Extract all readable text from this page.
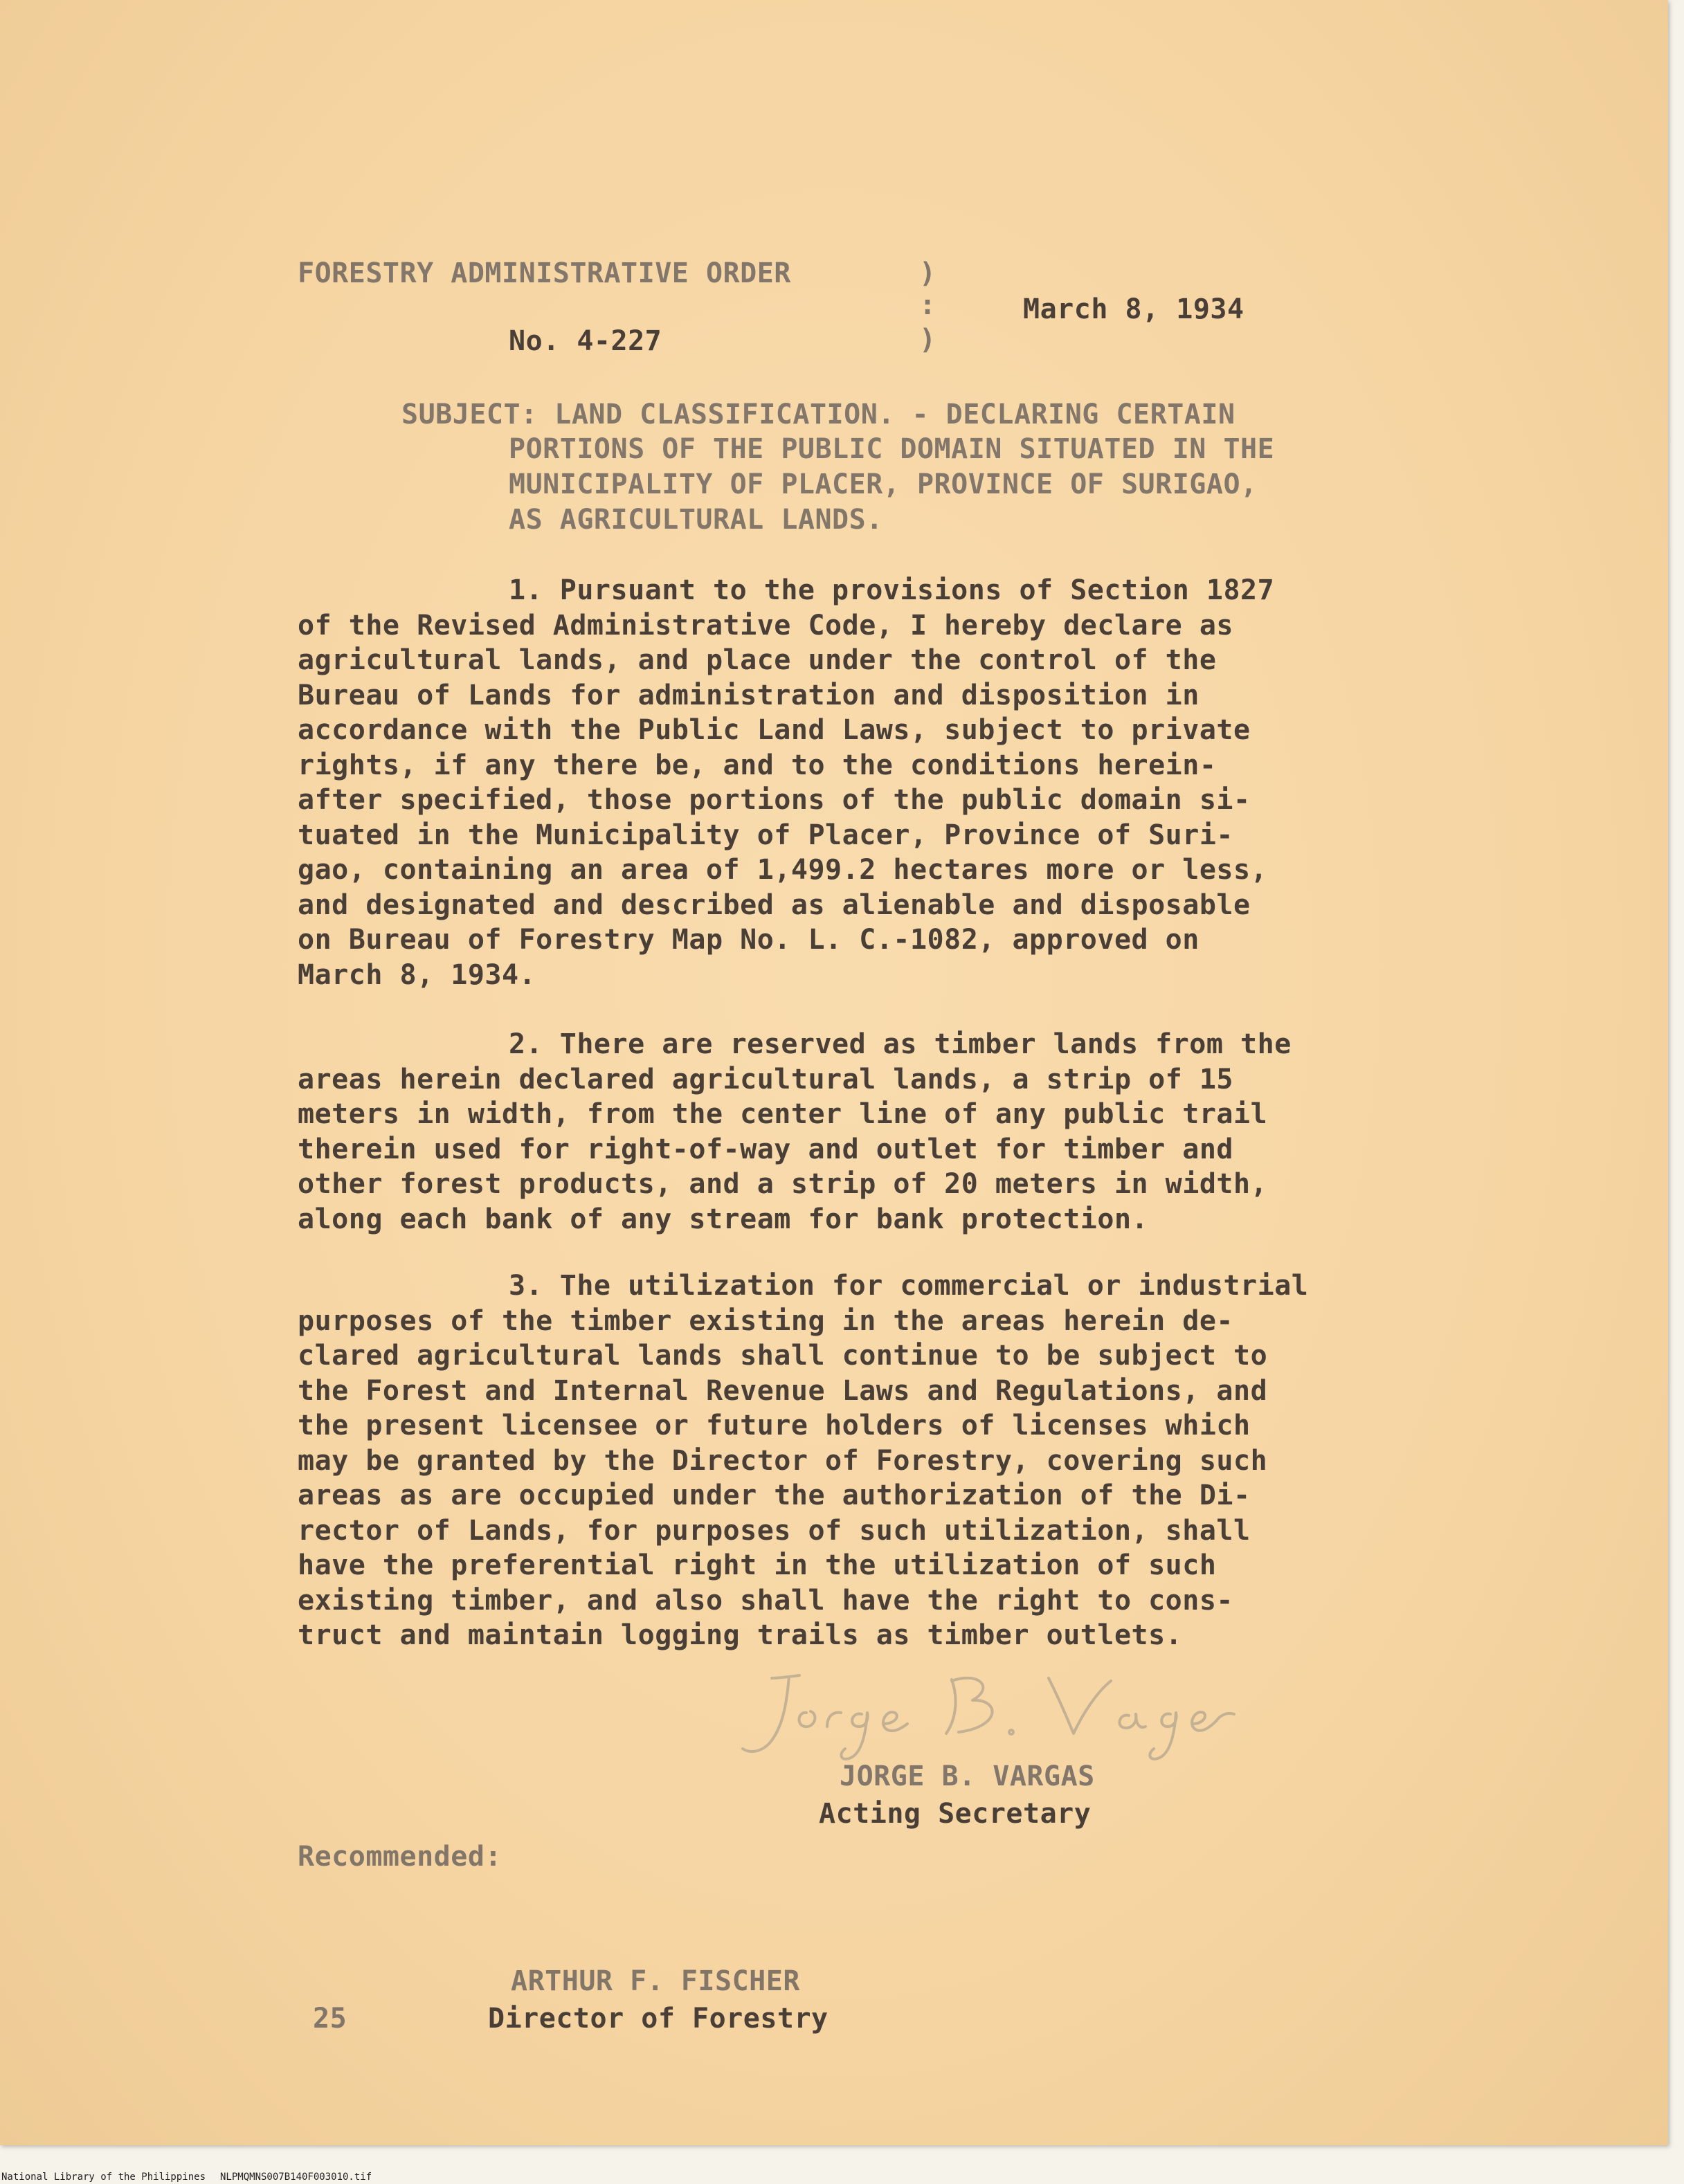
FORESTRY ADMINISTRATIVE ORDER	)
:
)
March 8, 1934
No. 4-227
SUBJECT: LAND CLASSIFICATION. - DECLARING CERTAIN
PORTIONS OF THE PUBLIC DOMAIN SITUATED IN THE
MUNICIPALITY OF PLACER, PROVINCE OF SURIGAO,
AS AGRICULTURAL LANDS.
1. Pursuant to the provisions of Section 1827
of the Revised Administrative Code, I hereby declare as
agricultural lands, and place under the control of the
Bureau of Lands for administration and disposition in
accordance with the Public Land Laws, subject to private
rights, if any there be, and to the conditions herein-
after specified, those portions of the public domain si-
tuated in the Municipality of Placer, Province of Suri-
gao, containing an area of 1,499.2 hectares more or less,
and designated and described as alienable and disposable
on Bureau of Forestry Map No. L. C.-1082, approved on
March 8, 1934.
2. There are reserved as timber lands from the
areas herein declared agricultural lands, a strip of 15
meters in width, from the center line of any public trail
therein used for right-of-way and outlet for timber and
other forest products, and a strip of 20 meters in width,
along each bank of any stream for bank protection.
3. The utilization for commercial or industrial
purposes of the timber existing in the areas herein de-
clared agricultural lands shall continue to be subject to
the Forest and Internal Revenue Laws and Regulations, and
the present licensee or future holders of licenses which
may be granted by the Director of Forestry, covering such
areas as are occupied under the authorization of the Di-
rector of Lands, for purposes of such utilization, shall
have the preferential right in the utilization of such
existing timber, and also shall have the right to cons-
truct and maintain logging trails as timber outlets.
JORGE B. VARGAS
Acting Secretary
Recommended:
ARTHUR F. FISCHER
25	Director of Forestry
National Library of the Philippines NLPMQMNS007B140F003010.tif
